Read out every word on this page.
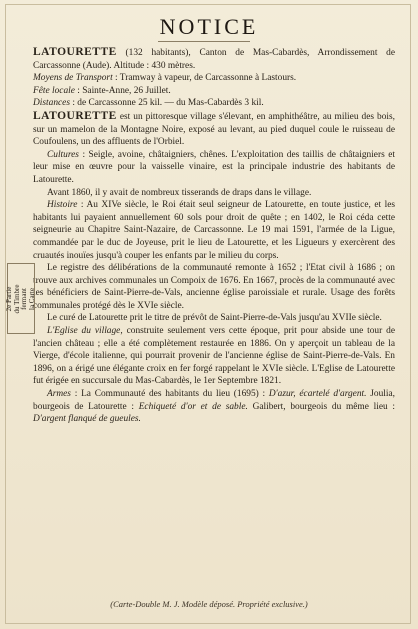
NOTICE

LATOURETTE (132 habitants), Canton de Mas-Cabardès, Arrondissement de Carcassonne (Aude). Altitude : 430 mètres.

Moyens de Transport : Tramway à vapeur, de Carcassonne à Lastours.

Fête locale : Sainte-Anne, 26 Juillet.

Distances : de Carcassonne 25 kil. — du Mas-Cabardès 3 kil.

LATOURETTE est un pittoresque village s'élevant, en amphithéâtre, au milieu des bois, sur un mamelon de la Montagne Noire, exposé au levant, au pied duquel coule le ruisseau de Coufoulens, un des affluents de l'Orbiel.

Cultures : Seigle, avoine, châtaigniers, chênes. L'exploitation des taillis de châtaigniers et leur mise en œuvre pour la vaisselle vinaire, est la principale industrie des habitants de Latourette.

Avant 1860, il y avait de nombreux tisserands de draps dans le village.

Histoire : Au XIVe siècle, le Roi était seul seigneur de Latourette, en toute justice, et les habitants lui payaient annuellement 60 sols pour droit de quête ; en 1402, le Roi céda cette seigneurie au Chapitre Saint-Nazaire, de Carcassonne. Le 19 mai 1591, l'armée de la Ligue, commandée par le duc de Joyeuse, prit le lieu de Latourette, et les Ligueurs y exercèrent des cruautés inouïes jusqu'à couper les enfants par le milieu du corps.

Le registre des délibérations de la communauté remonte à 1652 ; l'Etat civil à 1686 ; on trouve aux archives communales un Compoix de 1676. En 1667, procès de la communauté avec les bénéficiers de Saint-Pierre-de-Vals, ancienne église paroissiale et rurale. Usage des forêts communales protégé dès le XVIe siècle.

Le curé de Latourette prit le titre de prévôt de Saint-Pierre-de-Vals jusqu'au XVIIe siècle.

L'Eglise du village, construite seulement vers cette époque, prit pour abside une tour de l'ancien château ; elle a été complètement restaurée en 1886. On y aperçoit un tableau de la Vierge, d'école italienne, qui pourrait provenir de l'ancienne église de Saint-Pierre-de-Vals. En 1896, on a érigé une élégante croix en fer forgé rappelant le XVIe siècle. L'Eglise de Latourette fut érigée en succursale du Mas-Cabardès, le 1er Septembre 1821.

Armes : La Communauté des habitants du lieu (1695) : D'azur, écartelé d'argent. Joulia, bourgeois de Latourette : Echiqueté d'or et de sable. Galibert, bourgeois du même lieu : D'argent flanqué de gueules.

2e Partie du Timbre fermant la Carte
(Carte-Double M. J. Modèle déposé. Propriété exclusive.)
